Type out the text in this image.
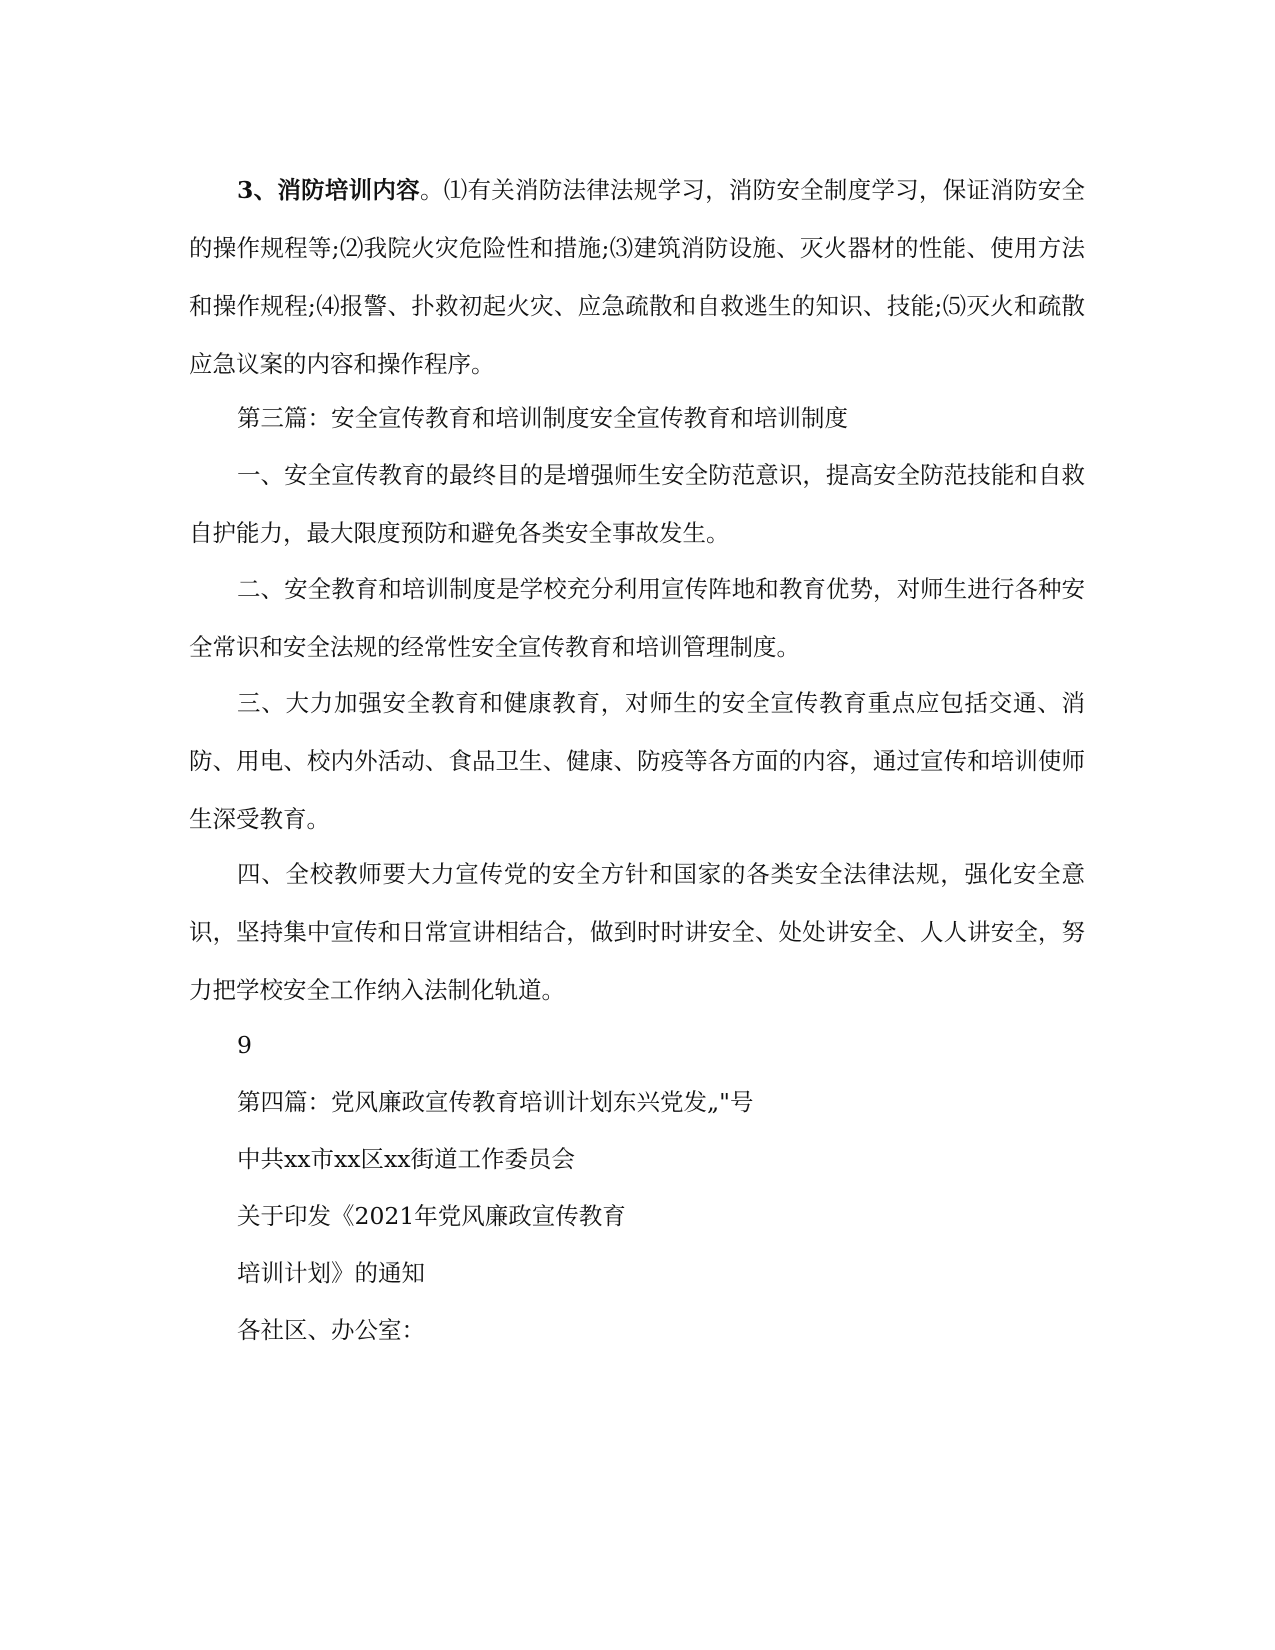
3、消防培训内容。⑴有关消防法律法规学习，消防安全制度学习，保证消防安全的操作规程等;⑵我院火灾危险性和措施;⑶建筑消防设施、灭火器材的性能、使用方法和操作规程;⑷报警、扑救初起火灾、应急疏散和自救逃生的知识、技能;⑸灭火和疏散应急议案的内容和操作程序。

第三篇：安全宣传教育和培训制度安全宣传教育和培训制度

一、安全宣传教育的最终目的是增强师生安全防范意识，提高安全防范技能和自救自护能力，最大限度预防和避免各类安全事故发生。

二、安全教育和培训制度是学校充分利用宣传阵地和教育优势，对师生进行各种安全常识和安全法规的经常性安全宣传教育和培训管理制度。

三、大力加强安全教育和健康教育，对师生的安全宣传教育重点应包括交通、消防、用电、校内外活动、食品卫生、健康、防疫等各方面的内容，通过宣传和培训使师生深受教育。

四、全校教师要大力宣传党的安全方针和国家的各类安全法律法规，强化安全意识，坚持集中宣传和日常宣讲相结合，做到时时讲安全、处处讲安全、人人讲安全，努力把学校安全工作纳入法制化轨道。

9

第四篇：党风廉政宣传教育培训计划东兴党发„"号

中共xx市xx区xx街道工作委员会

关于印发《2021年党风廉政宣传教育

培训计划》的通知

各社区、办公室：
